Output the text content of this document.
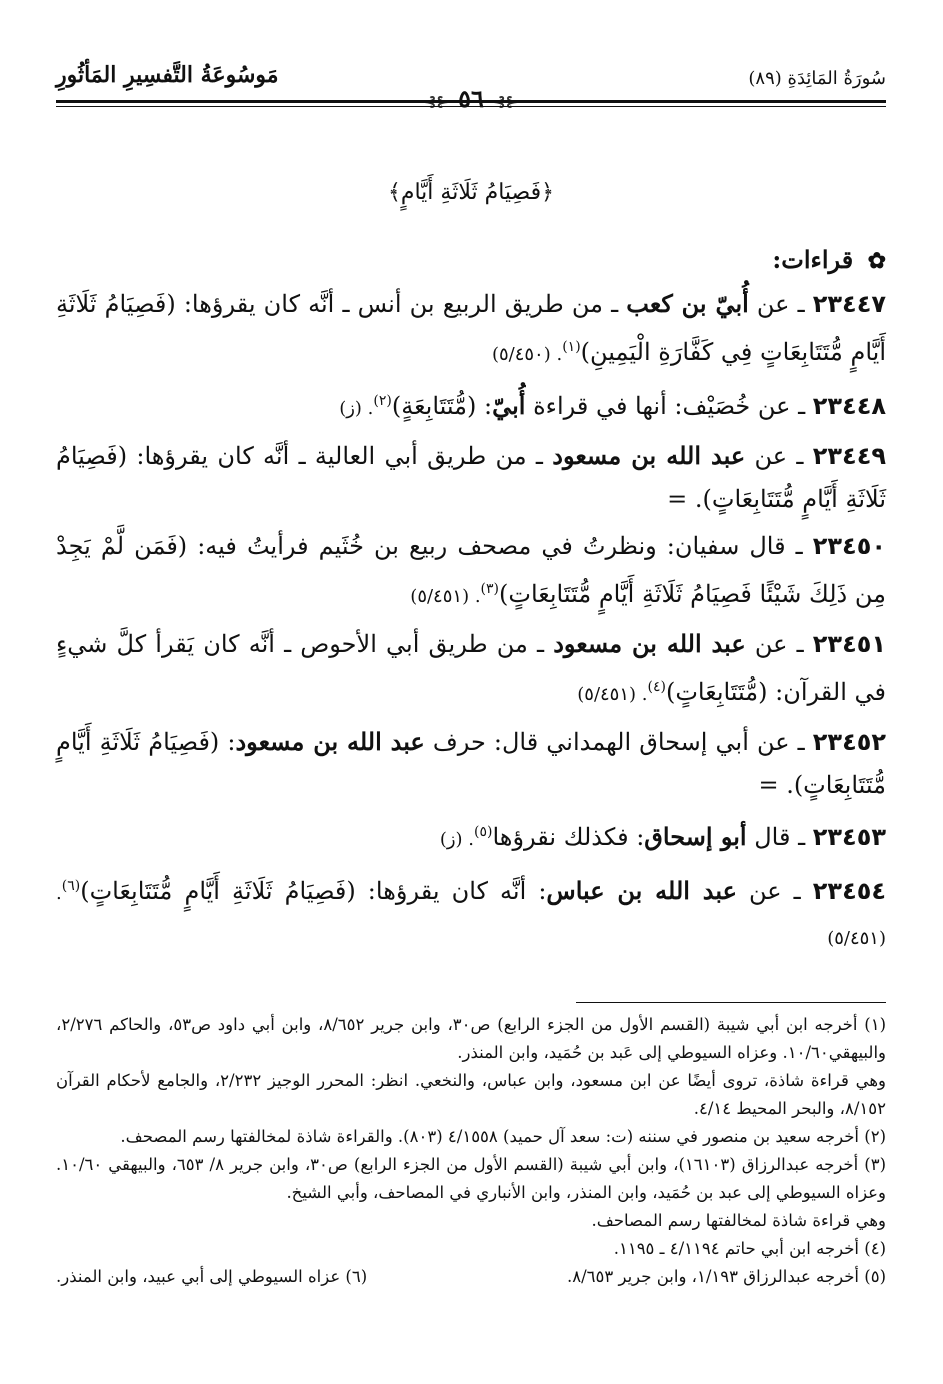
سُورَةُ المَائِدَةِ (٨٩)
⊰⊱ ٥٦ ⊰⊱
مَوسُوعَةُ التَّفسِيرِ المَأثُورِ
﴿فَصِيَامُ ثَلَاثَةِ أَيَّامٍ﴾
✿ قراءات:
٢٣٤٤٧ ـ عن أُبيّ بن كعب ـ من طريق الربيع بن أنس ـ أنَّه كان يقرؤها: (فَصِيَامُ ثَلَاثَةِ أَيَّامٍ مُّتَتَابِعَاتٍ فِي كَفَّارَةِ الْيَمِينِ)$^{(١)}$. (٥/٤٥٠)
٢٣٤٤٨ ـ عن خُصَيْف: أنها في قراءة أُبيّ: (مُّتَتَابِعَةٍ)$^{(٢)}$. (ز)
٢٣٤٤٩ ـ عن عبد الله بن مسعود ـ من طريق أبي العالية ـ أنَّه كان يقرؤها: (فَصِيَامُ ثَلَاثَةِ أَيَّامٍ مُّتَتَابِعَاتٍ). =
٢٣٤٥٠ ـ قال سفيان: ونظرتُ في مصحف ربيع بن خُثَيم فرأيتُ فيه: (فَمَن لَّمْ يَجِدْ مِن ذَلِكَ شَيْئًا فَصِيَامُ ثَلَاثَةِ أَيَّامٍ مُّتَتَابِعَاتٍ)$^{(٣)}$. (٥/٤٥١)
٢٣٤٥١ ـ عن عبد الله بن مسعود ـ من طريق أبي الأحوص ـ أنَّه كان يَقرأ كلَّ شيءٍ في القرآن: (مُّتَتَابِعَاتٍ)$^{(٤)}$. (٥/٤٥١)
٢٣٤٥٢ ـ عن أبي إسحاق الهمداني قال: حرف عبد الله بن مسعود: (فَصِيَامُ ثَلَاثَةِ أَيَّامٍ مُّتَتَابِعَاتٍ). =
٢٣٤٥٣ ـ قال أبو إسحاق: فكذلك نقرؤها$^{(٥)}$. (ز)
٢٣٤٥٤ ـ عن عبد الله بن عباس: أنَّه كان يقرؤها: (فَصِيَامُ ثَلَاثَةِ أَيَّامٍ مُّتَتَابِعَاتٍ)$^{(٦)}$. (٥/٤٥١)
(١) أخرجه ابن أبي شيبة (القسم الأول من الجزء الرابع) ص٣٠، وابن جرير ٨/٦٥٢، وابن أبي داود ص٥٣، والحاكم ٢/٢٧٦، والبيهقي١٠/٦٠. وعزاه السيوطي إلى عَبد بن حُمَيد، وابن المنذر.
وهي قراءة شاذة، تروى أيضًا عن ابن مسعود، وابن عباس، والنخعي. انظر: المحرر الوجيز ٢/٢٣٢، والجامع لأحكام القرآن ٨/١٥٢، والبحر المحيط ٤/١٤.
(٢) أخرجه سعيد بن منصور في سننه (ت: سعد آل حميد) ٤/١٥٥٨ (٨٠٣). والقراءة شاذة لمخالفتها رسم المصحف.
(٣) أخرجه عبدالرزاق (١٦١٠٣)، وابن أبي شيبة (القسم الأول من الجزء الرابع) ص٣٠، وابن جرير ٨/ ٦٥٣، والبيهقي ١٠/٦٠. وعزاه السيوطي إلى عبد بن حُمَيد، وابن المنذر، وابن الأنباري في المصاحف، وأبي الشيخ.
وهي قراءة شاذة لمخالفتها رسم المصاحف.
(٤) أخرجه ابن أبي حاتم ٤/١١٩٤ ـ ١١٩٥.
(٥) أخرجه عبدالرزاق ١/١٩٣، وابن جرير ٨/٦٥٣.
(٦) عزاه السيوطي إلى أبي عبيد، وابن المنذر.
